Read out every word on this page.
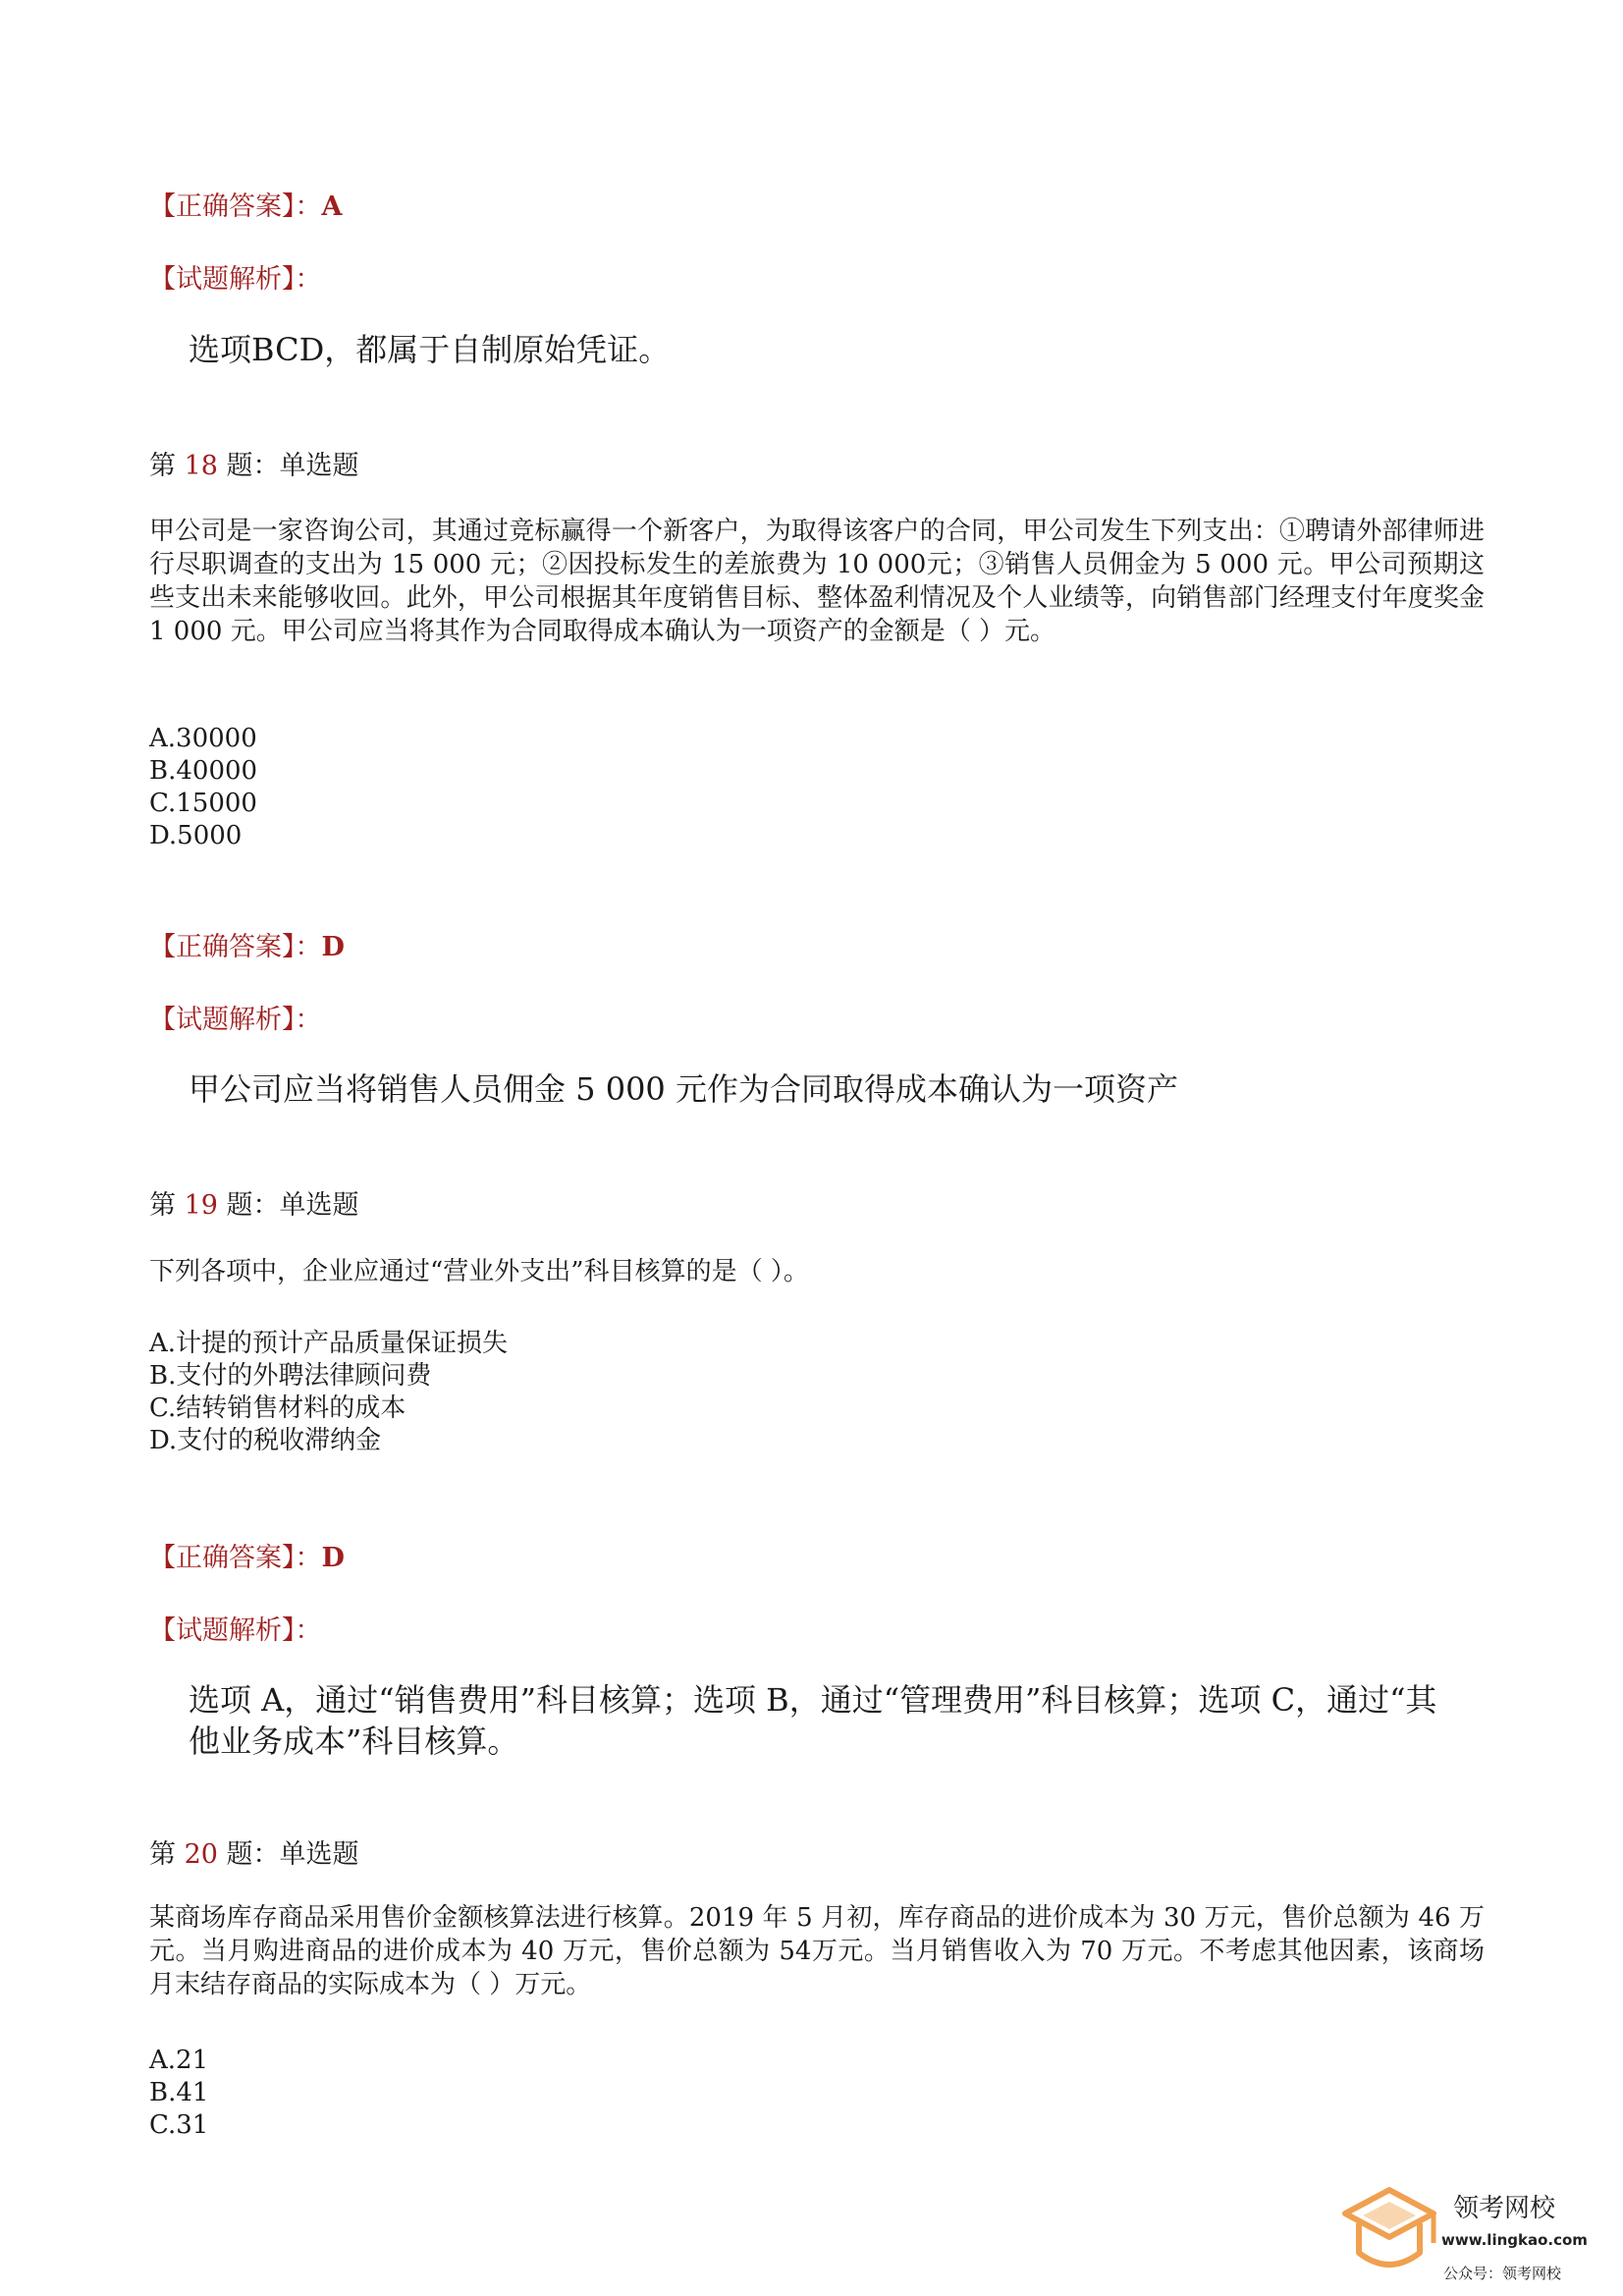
【正确答案】：A
【试题解析】：
选项BCD，都属于自制原始凭证。
第 18 题：单选题
甲公司是一家咨询公司，其通过竞标赢得一个新客户，为取得该客户的合同，甲公司发生下列支出：①聘请外部律师进行尽职调查的支出为 15 000 元；②因投标发生的差旅费为 10 000元；③销售人员佣金为 5 000 元。甲公司预期这些支出未来能够收回。此外，甲公司根据其年度销售目标、整体盈利情况及个人业绩等，向销售部门经理支付年度奖金 1 000 元。甲公司应当将其作为合同取得成本确认为一项资产的金额是（ ）元。
A.30000
B.40000
C.15000
D.5000
【正确答案】：D
【试题解析】：
甲公司应当将销售人员佣金 5 000 元作为合同取得成本确认为一项资产
第 19 题：单选题
下列各项中，企业应通过“营业外支出”科目核算的是（ ）。
A.计提的预计产品质量保证损失
B.支付的外聘法律顾问费
C.结转销售材料的成本
D.支付的税收滞纳金
【正确答案】：D
【试题解析】：
选项 A，通过“销售费用”科目核算；选项 B，通过“管理费用”科目核算；选项 C，通过“其他业务成本”科目核算。
第 20 题：单选题
某商场库存商品采用售价金额核算法进行核算。2019 年 5 月初，库存商品的进价成本为 30 万元，售价总额为 46 万元。当月购进商品的进价成本为 40 万元，售价总额为 54万元。当月销售收入为 70 万元。不考虑其他因素，该商场月末结存商品的实际成本为（ ）万元。
A.21
B.41
C.31
领考网校
www.lingkao.com
公众号：领考网校
